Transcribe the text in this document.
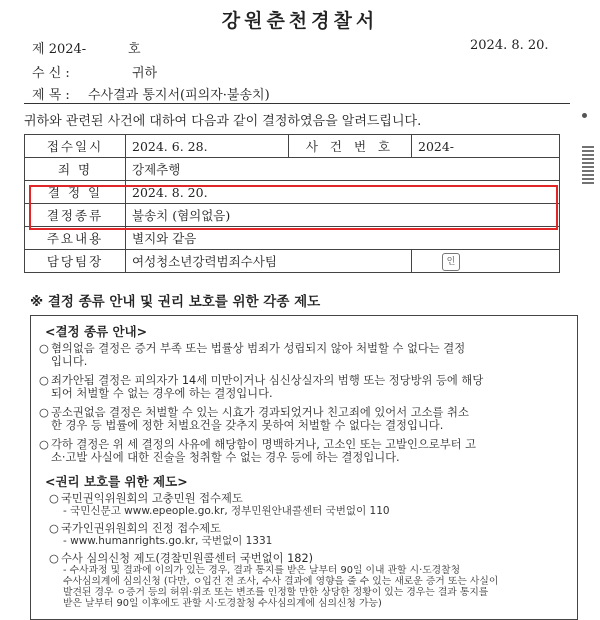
강원춘천경찰서
제 2024-	호	2024. 8. 20.
수 신 :	귀하
제 목 : 수사결과 통지서(피의자·불송치)
귀하와 관련된 사건에 대하여 다음과 같이 결정하였음을 알려드립니다.
접수일시	2024. 6. 28.	사 건 번 호	2024-
죄 명	강제추행		
결 정 일	2024. 8. 20.		
결정종류	불송치 (혐의없음)		
주요내용	별지와 같음		
담당팀장	여성청소년강력범죄수사팀		인
※ 결정 종류 안내 및 권리 보호를 위한 각종 제도
<결정 종류 안내>
○ 혐의없음 결정은 증거 부족 또는 법률상 범죄가 성립되지 않아 처벌할 수 없다는 결정
입니다.
○ 죄가안됨 결정은 피의자가 14세 미만이거나 심신상실자의 범행 또는 정당방위 등에 해당
되어 처벌할 수 없는 경우에 하는 결정입니다.
○ 공소권없음 결정은 처벌할 수 있는 시효가 경과되었거나 친고죄에 있어서 고소를 취소
한 경우 등 법률에 정한 처벌요건을 갖추지 못하여 처벌할 수 없다는 결정입니다.
○ 각하 결정은 위 세 결정의 사유에 해당함이 명백하거나, 고소인 또는 고발인으로부터 고
소·고발 사실에 대한 진술을 청취할 수 없는 경우 등에 하는 결정입니다.
<권리 보호를 위한 제도>
○ 국민권익위원회의 고충민원 접수제도
- 국민신문고 www.epeople.go.kr, 정부민원안내콜센터 국번없이 110
○ 국가인권위원회의 진정 접수제도
- www.humanrights.go.kr, 국번없이 1331
○ 수사 심의신청 제도(경찰민원콜센터 국번없이 182)
- 수사과정 및 결과에 이의가 있는 경우, 결과 통지를 받은 날부터 90일 이내 관할 시·도경찰청
수사심의계에 심의신청 (다만, ㅇ입건 전 조사, 수사 결과에 영향을 줄 수 있는 새로운 증거 또는 사실이
발견된 경우 ㅇ증거 등의 허위·위조 또는 변조를 인정할 만한 상당한 정황이 있는 경우는 결과 통지를
받은 날부터 90일 이후에도 관할 시·도경찰청 수사심의계에 심의신청 가능)
